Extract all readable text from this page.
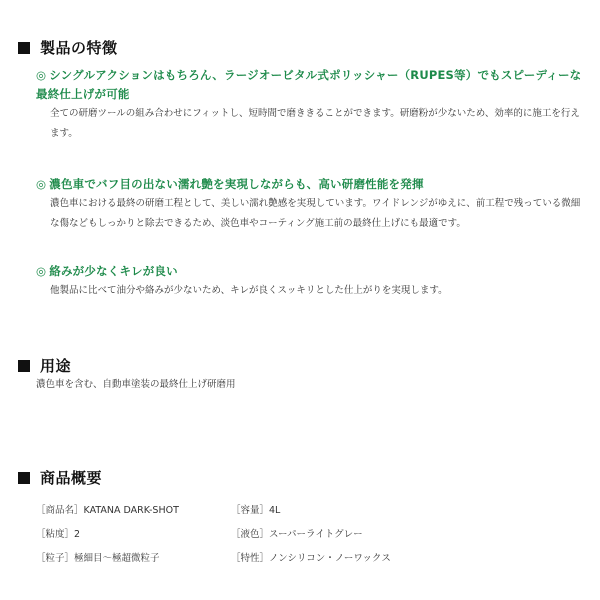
製品の特徴
◎ シングルアクションはもちろん、ラージオービタル式ポリッシャー（RUPES等）でもスピーディーな最終仕上げが可能
全ての研磨ツールの組み合わせにフィットし、短時間で磨ききることができます。研磨粉が少ないため、効率的に施工を行えます。
◎ 濃色車でバフ目の出ない濡れ艶を実現しながらも、高い研磨性能を発揮
濃色車における最終の研磨工程として、美しい濡れ艶感を実現しています。ワイドレンジがゆえに、前工程で残っている微細な傷などもしっかりと除去できるため、淡色車やコーティング施工前の最終仕上げにも最適です。
◎ 絡みが少なくキレが良い
他製品に比べて油分や絡みが少ないため、キレが良くスッキリとした仕上がりを実現します。
用途
濃色車を含む、自動車塗装の最終仕上げ研磨用
商品概要
［商品名］KATANA DARK-SHOT	［容量］4L
［粘度］2	［液色］スーパーライトグレー
［粒子］極細目〜極超微粒子	［特性］ノンシリコン・ノーワックス
